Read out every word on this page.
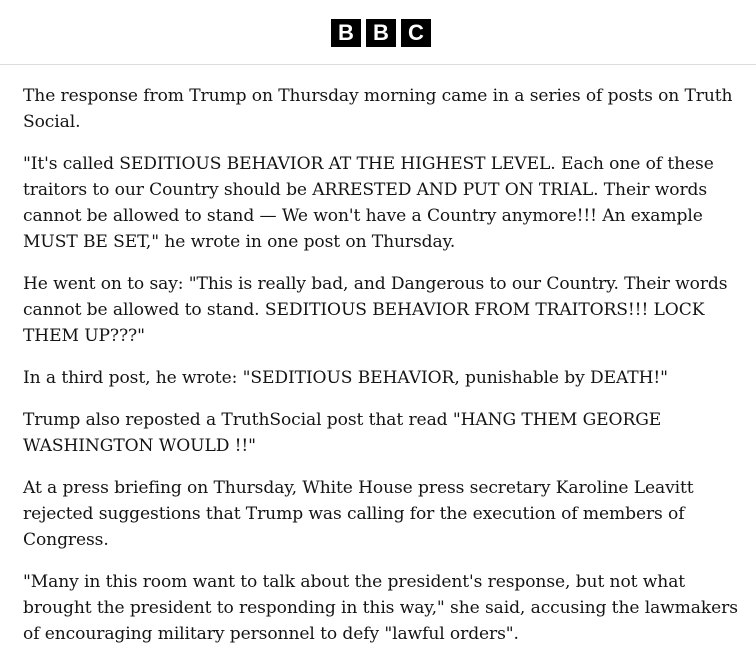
B B C

The response from Trump on Thursday morning came in a series of posts on Truth Social.

"It's called SEDITIOUS BEHAVIOR AT THE HIGHEST LEVEL. Each one of these traitors to our Country should be ARRESTED AND PUT ON TRIAL. Their words cannot be allowed to stand — We won't have a Country anymore!!! An example MUST BE SET," he wrote in one post on Thursday.

He went on to say: "This is really bad, and Dangerous to our Country. Their words cannot be allowed to stand. SEDITIOUS BEHAVIOR FROM TRAITORS!!! LOCK THEM UP???"

In a third post, he wrote: "SEDITIOUS BEHAVIOR, punishable by DEATH!"

Trump also reposted a TruthSocial post that read "HANG THEM GEORGE WASHINGTON WOULD !!"

At a press briefing on Thursday, White House press secretary Karoline Leavitt rejected suggestions that Trump was calling for the execution of members of Congress.

"Many in this room want to talk about the president's response, but not what brought the president to responding in this way," she said, accusing the lawmakers of encouraging military personnel to defy "lawful orders".
